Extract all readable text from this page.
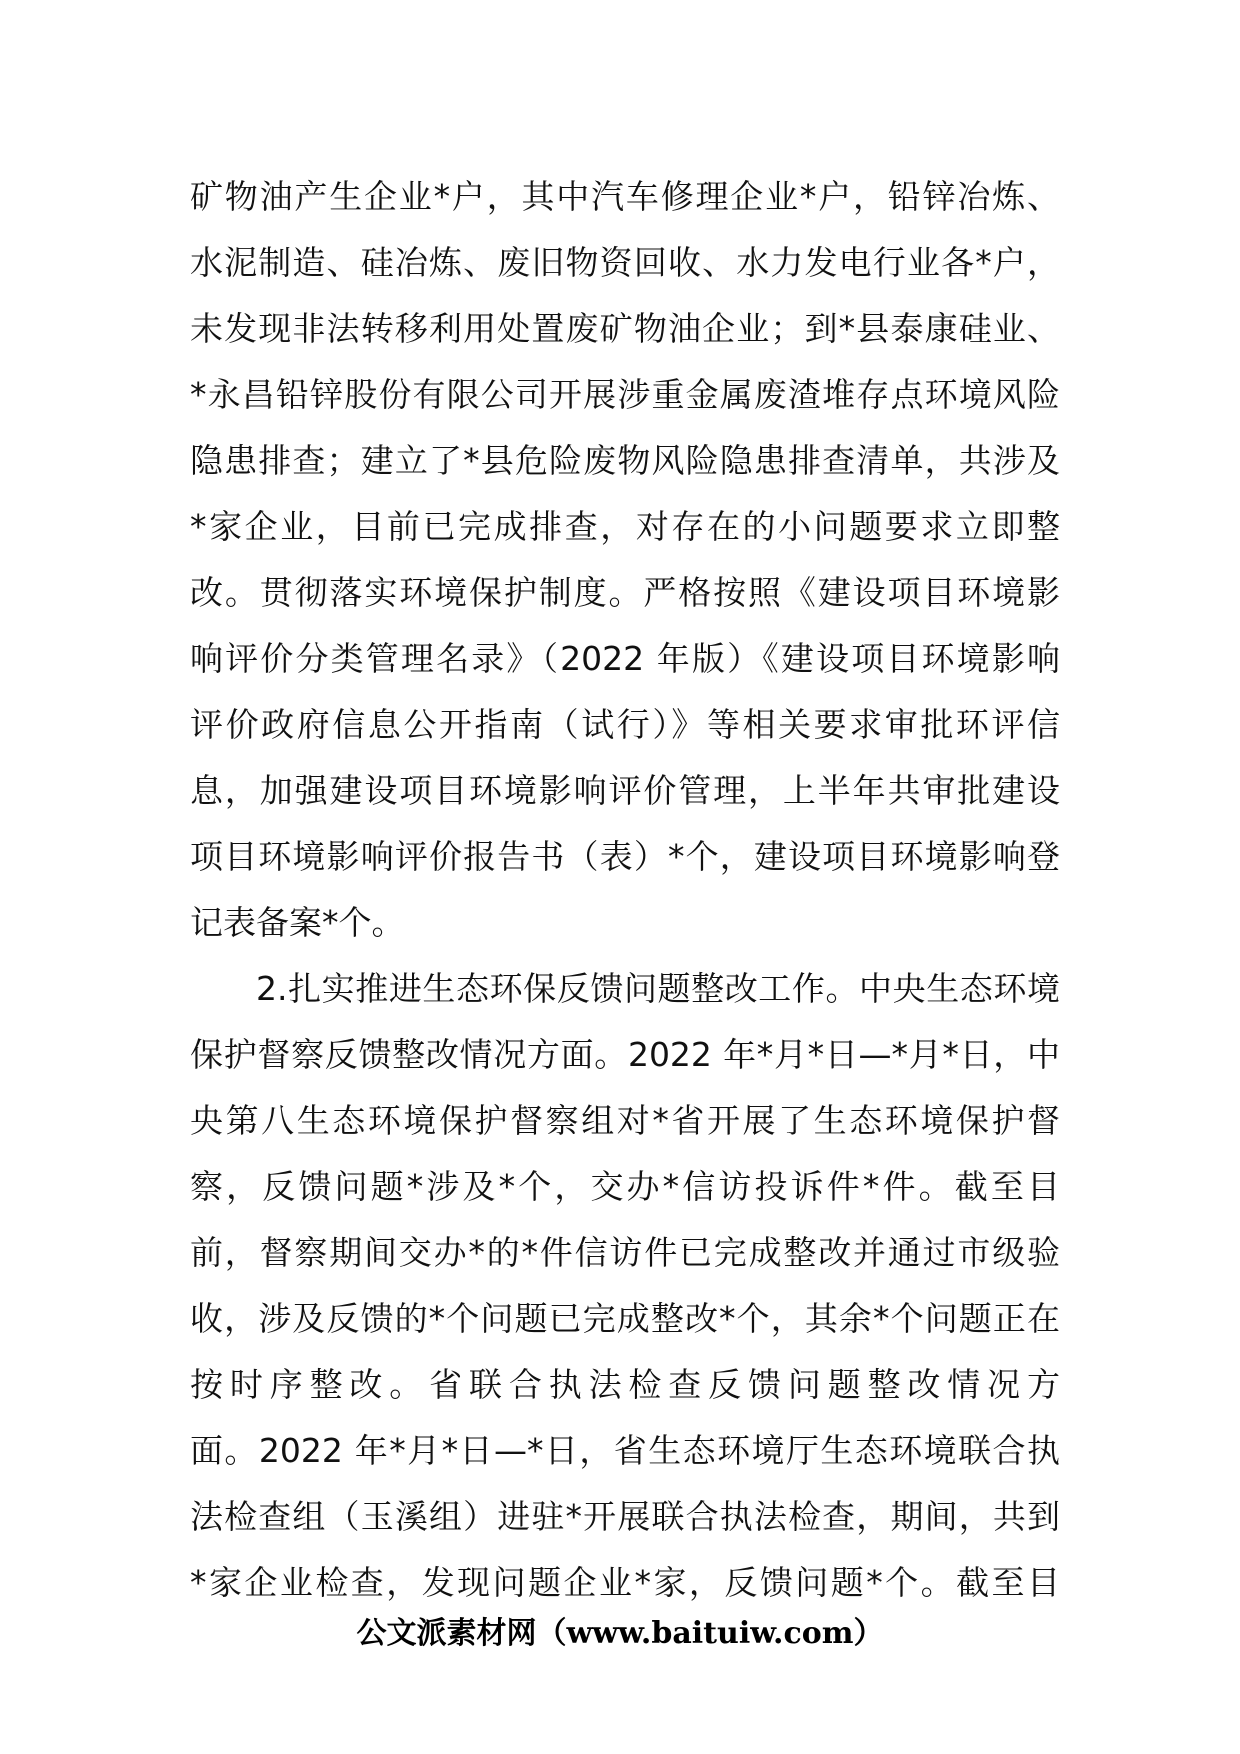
矿物油产生企业*户，其中汽车修理企业*户，铅锌冶炼、
水泥制造、硅冶炼、废旧物资回收、水力发电行业各*户，
未发现非法转移利用处置废矿物油企业；到*县泰康硅业、
*永昌铅锌股份有限公司开展涉重金属废渣堆存点环境风险
隐患排查；建立了*县危险废物风险隐患排查清单，共涉及
*家企业，目前已完成排查，对存在的小问题要求立即整
改。贯彻落实环境保护制度。严格按照《建设项目环境影
响评价分类管理名录》（2022 年版）《建设项目环境影响
评价政府信息公开指南（试行）》等相关要求审批环评信
息，加强建设项目环境影响评价管理，上半年共审批建设
项目环境影响评价报告书（表）*个，建设项目环境影响登
记表备案*个。
2.扎实推进生态环保反馈问题整改工作。中央生态环境
保护督察反馈整改情况方面。2022 年*月*日—*月*日，中
央第八生态环境保护督察组对*省开展了生态环境保护督
察，反馈问题*涉及*个，交办*信访投诉件*件。截至目
前，督察期间交办*的*件信访件已完成整改并通过市级验
收，涉及反馈的*个问题已完成整改*个，其余*个问题正在
按时序整改。省联合执法检查反馈问题整改情况方
面。2022 年*月*日—*日，省生态环境厅生态环境联合执
法检查组（玉溪组）进驻*开展联合执法检查，期间，共到
*家企业检查，发现问题企业*家，反馈问题*个。截至目
公文派素材网（www.baituiw.com）
